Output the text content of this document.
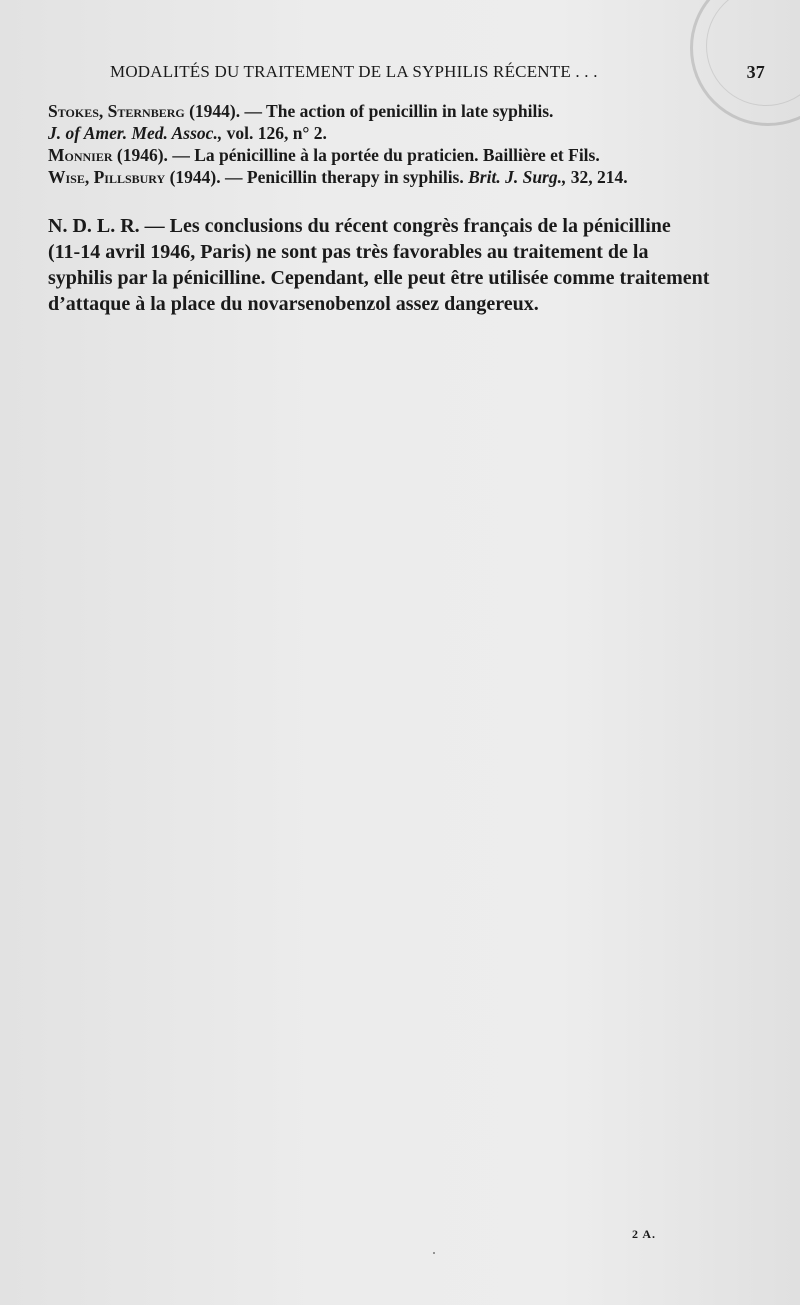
MODALITÉS DU TRAITEMENT DE LA SYPHILIS RÉCENTE . . .	37
Stokes, Sternberg (1944). — The action of penicillin in late syphilis.
J. of Amer. Med. Assoc., vol. 126, n° 2.
Monnier (1946). — La pénicilline à la portée du praticien. Baillière et Fils.
Wise, Pillsbury (1944). — Penicillin therapy in syphilis. Brit. J. Surg., 32, 214.

N. D. L. R. — Les conclusions du récent congrès français de la pénicilline

(11-14 avril 1946, Paris) ne sont pas très favorables au traitement de la

syphilis par la pénicilline. Cependant, elle peut être utilisée comme traitement

d’attaque à la place du novarsenobenzol assez dangereux.

2 A.
